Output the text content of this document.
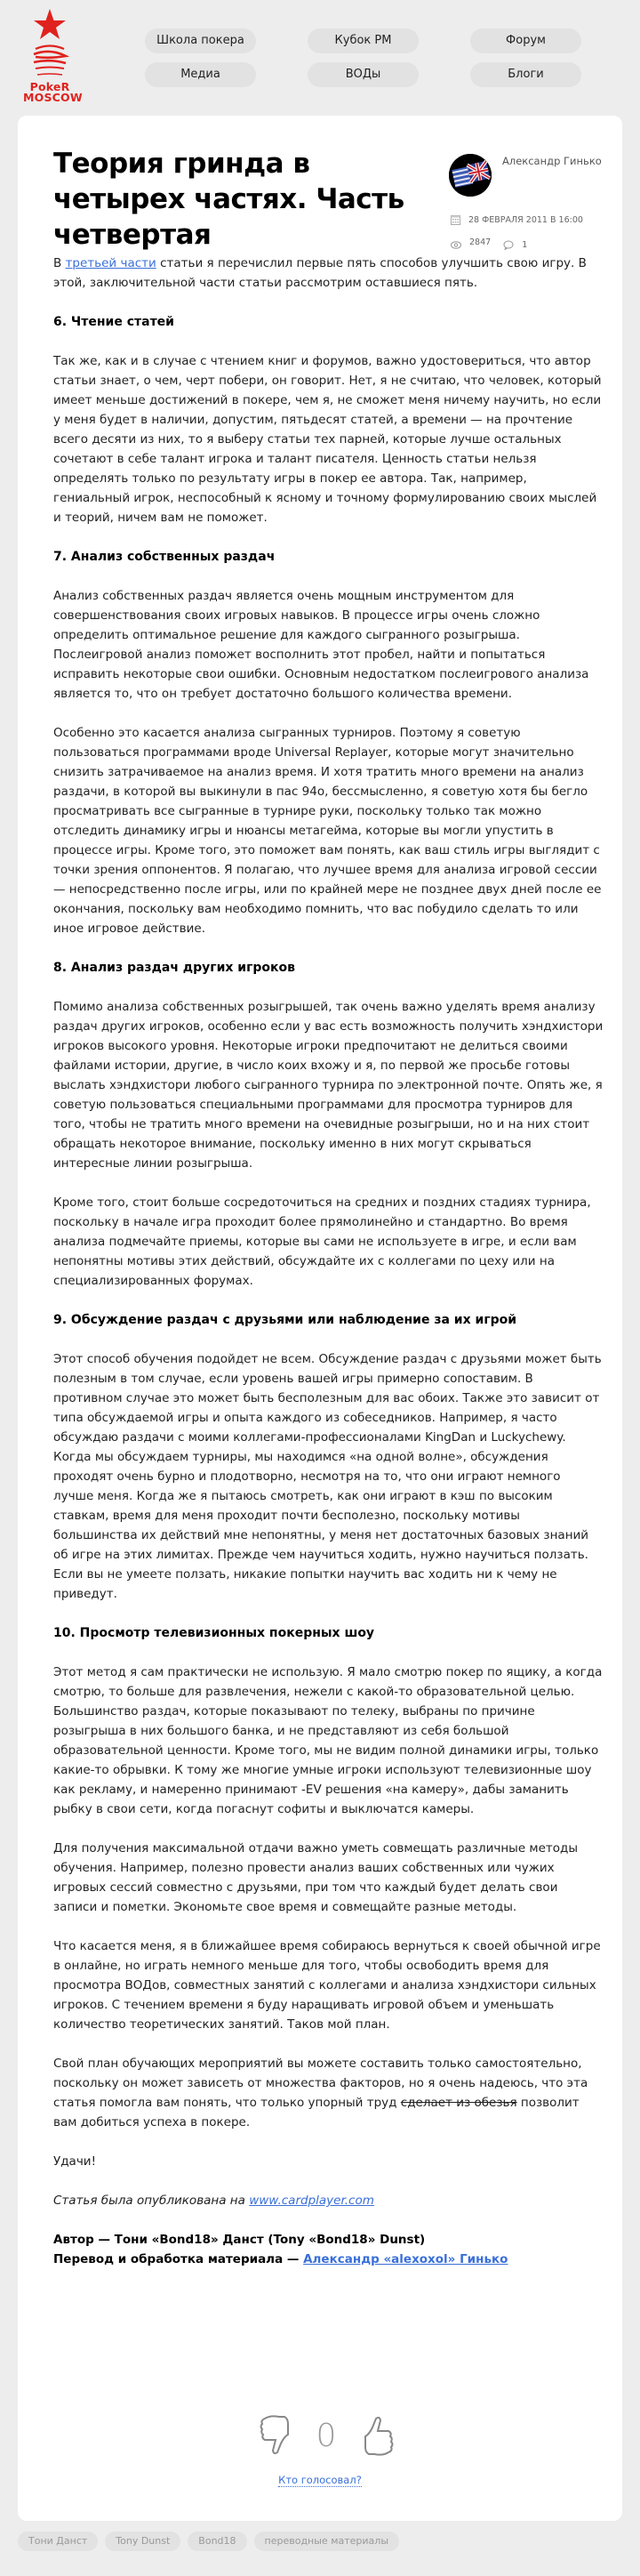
PokeR
MOSCOW
Школа покера	Кубок PM	Форум
Медиа	ВОДы	Блоги
Теория гринда в четырех частях. Часть четвертая
Александр Гинько
28 ФЕВРАЛЯ 2011 В 16:00
2847	1

В третьей части статьи я перечислил первые пять способов улучшить свою игру. В этой, заключительной части статьи рассмотрим оставшиеся пять.

6. Чтение статей

Так же, как и в случае с чтением книг и форумов, важно удостовериться, что автор статьи знает, о чем, черт побери, он говорит. Нет, я не считаю, что человек, который имеет меньше достижений в покере, чем я, не сможет меня ничему научить, но если у меня будет в наличии, допустим, пятьдесят статей, а времени — на прочтение всего десяти из них, то я выберу статьи тех парней, которые лучше остальных сочетают в себе талант игрока и талант писателя. Ценность статьи нельзя определять только по результату игры в покер ее автора. Так, например, гениальный игрок, неспособный к ясному и точному формулированию своих мыслей и теорий, ничем вам не поможет.

7. Анализ собственных раздач

Анализ собственных раздач является очень мощным инструментом для совершенствования своих игровых навыков. В процессе игры очень сложно определить оптимальное решение для каждого сыгранного розыгрыша. Послеигровой анализ поможет восполнить этот пробел, найти и попытаться исправить некоторые свои ошибки. Основным недостатком послеигрового анализа является то, что он требует достаточно большого количества времени.

Особенно это касается анализа сыгранных турниров. Поэтому я советую пользоваться программами вроде Universal Replayer, которые могут значительно снизить затрачиваемое на анализ время. И хотя тратить много времени на анализ раздачи, в которой вы выкинули в пас 94o, бессмысленно, я советую хотя бы бегло просматривать все сыгранные в турнире руки, поскольку только так можно отследить динамику игры и нюансы метагейма, которые вы могли упустить в процессе игры. Кроме того, это поможет вам понять, как ваш стиль игры выглядит с точки зрения оппонентов. Я полагаю, что лучшее время для анализа игровой сессии — непосредственно после игры, или по крайней мере не позднее двух дней после ее окончания, поскольку вам необходимо помнить, что вас побудило сделать то или иное игровое действие.

8. Анализ раздач других игроков

Помимо анализа собственных розыгрышей, так очень важно уделять время анализу раздач других игроков, особенно если у вас есть возможность получить хэндхистори игроков высокого уровня. Некоторые игроки предпочитают не делиться своими файлами истории, другие, в число коих вхожу и я, по первой же просьбе готовы выслать хэндхистори любого сыгранного турнира по электронной почте. Опять же, я советую пользоваться специальными программами для просмотра турниров для того, чтобы не тратить много времени на очевидные розыгрыши, но и на них стоит обращать некоторое внимание, поскольку именно в них могут скрываться интересные линии розыгрыша.

Кроме того, стоит больше сосредоточиться на средних и поздних стадиях турнира, поскольку в начале игра проходит более прямолинейно и стандартно. Во время анализа подмечайте приемы, которые вы сами не используете в игре, и если вам непонятны мотивы этих действий, обсуждайте их с коллегами по цеху или на специализированных форумах.

9. Обсуждение раздач с друзьями или наблюдение за их игрой

Этот способ обучения подойдет не всем. Обсуждение раздач с друзьями может быть полезным в том случае, если уровень вашей игры примерно сопоставим. В противном случае это может быть бесполезным для вас обоих. Также это зависит от типа обсуждаемой игры и опыта каждого из собеседников. Например, я часто обсуждаю раздачи с моими коллегами-профессионалами KingDan и Luckychewy. Когда мы обсуждаем турниры, мы находимся «на одной волне», обсуждения проходят очень бурно и плодотворно, несмотря на то, что они играют немного лучше меня. Когда же я пытаюсь смотреть, как они играют в кэш по высоким ставкам, время для меня проходит почти бесполезно, поскольку мотивы большинства их действий мне непонятны, у меня нет достаточных базовых знаний об игре на этих лимитах. Прежде чем научиться ходить, нужно научиться ползать. Если вы не умеете ползать, никакие попытки научить вас ходить ни к чему не приведут.

10. Просмотр телевизионных покерных шоу

Этот метод я сам практически не использую. Я мало смотрю покер по ящику, а когда смотрю, то больше для развлечения, нежели с какой-то образовательной целью. Большинство раздач, которые показывают по телеку, выбраны по причине розыгрыша в них большого банка, и не представляют из себя большой образовательной ценности. Кроме того, мы не видим полной динамики игры, только какие-то обрывки. К тому же многие умные игроки используют телевизионные шоу как рекламу, и намеренно принимают -EV решения «на камеру», дабы заманить рыбку в свои сети, когда погаснут софиты и выключатся камеры.

Для получения максимальной отдачи важно уметь совмещать различные методы обучения. Например, полезно провести анализ ваших собственных или чужих игровых сессий совместно с друзьями, при том что каждый будет делать свои записи и пометки. Экономьте свое время и совмещайте разные методы.

Что касается меня, я в ближайшее время собираюсь вернуться к своей обычной игре в онлайне, но играть немного меньше для того, чтобы освободить время для просмотра ВОДов, совместных занятий с коллегами и анализа хэндхистори сильных игроков. С течением времени я буду наращивать игровой объем и уменьшать количество теоретических занятий. Таков мой план.

Свой план обучающих мероприятий вы можете составить только самостоятельно, поскольку он может зависеть от множества факторов, но я очень надеюсь, что эта статья помогла вам понять, что только упорный труд сделает из обезья позволит вам добиться успеха в покере.

Удачи!

Статья была опубликована на www.cardplayer.com

Автор — Тони «Bond18» Данст (Tony «Bond18» Dunst)
Перевод и обработка материала — Александр «alexoxol» Гинько
0
Кто голосовал?
Тони Данст	Tony Dunst	Bond18	переводные материалы
